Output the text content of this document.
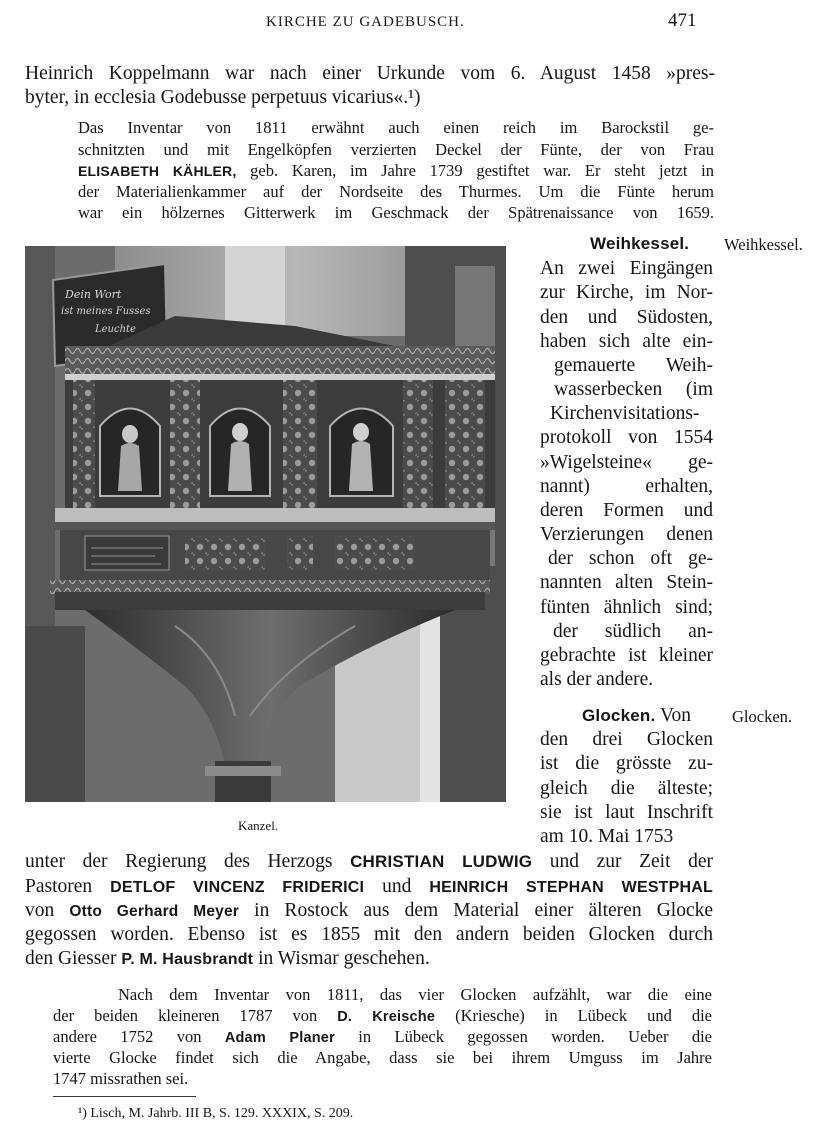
KIRCHE ZU GADEBUSCH.	471
Heinrich Koppelmann war nach einer Urkunde vom 6. August 1458 »pres-
byter, in ecclesia Godebusse perpetuus vicarius«.¹)
Das Inventar von 1811 erwähnt auch einen reich im Barockstil ge-
schnitzten und mit Engelköpfen verzierten Deckel der Fünte, der von Frau
ELISABETH KÄHLER, geb. Karen, im Jahre 1739 gestiftet war. Er steht jetzt in
der Materialienkammer auf der Nordseite des Thurmes. Um die Fünte herum
war ein hölzernes Gitterwerk im Geschmack der Spätrenaissance von 1659.
Dein Wort
ist meines Fusses
Leuchte
Kanzel.
Weihkessel. Weihkessel.
An zwei Eingängen
zur Kirche, im Nor-
den und Südosten,
haben sich alte ein-
gemauerte Weih-
wasserbecken (im
Kirchenvisitations-
protokoll von 1554
»Wigelsteine« ge-
nannt) erhalten,
deren Formen und
Verzierungen denen
der schon oft ge-
nannten alten Stein-
fünten ähnlich sind;
der südlich an-
gebrachte ist kleiner
als der andere.
Glocken. Von Glocken.
den drei Glocken
ist die grösste zu-
gleich die älteste;
sie ist laut Inschrift
am 10. Mai 1753
unter der Regierung des Herzogs CHRISTIAN LUDWIG und zur Zeit der
Pastoren DETLOF VINCENZ FRIDERICI und HEINRICH STEPHAN WESTPHAL
von Otto Gerhard Meyer in Rostock aus dem Material einer älteren Glocke
gegossen worden. Ebenso ist es 1855 mit den andern beiden Glocken durch
den Giesser P. M. Hausbrandt in Wismar geschehen.
Nach dem Inventar von 1811, das vier Glocken aufzählt, war die eine
der beiden kleineren 1787 von D. Kreische (Kriesche) in Lübeck und die
andere 1752 von Adam Planer in Lübeck gegossen worden. Ueber die
vierte Glocke findet sich die Angabe, dass sie bei ihrem Umguss im Jahre
1747 missrathen sei.
¹) Lisch, M. Jahrb. III B, S. 129. XXXIX, S. 209.
